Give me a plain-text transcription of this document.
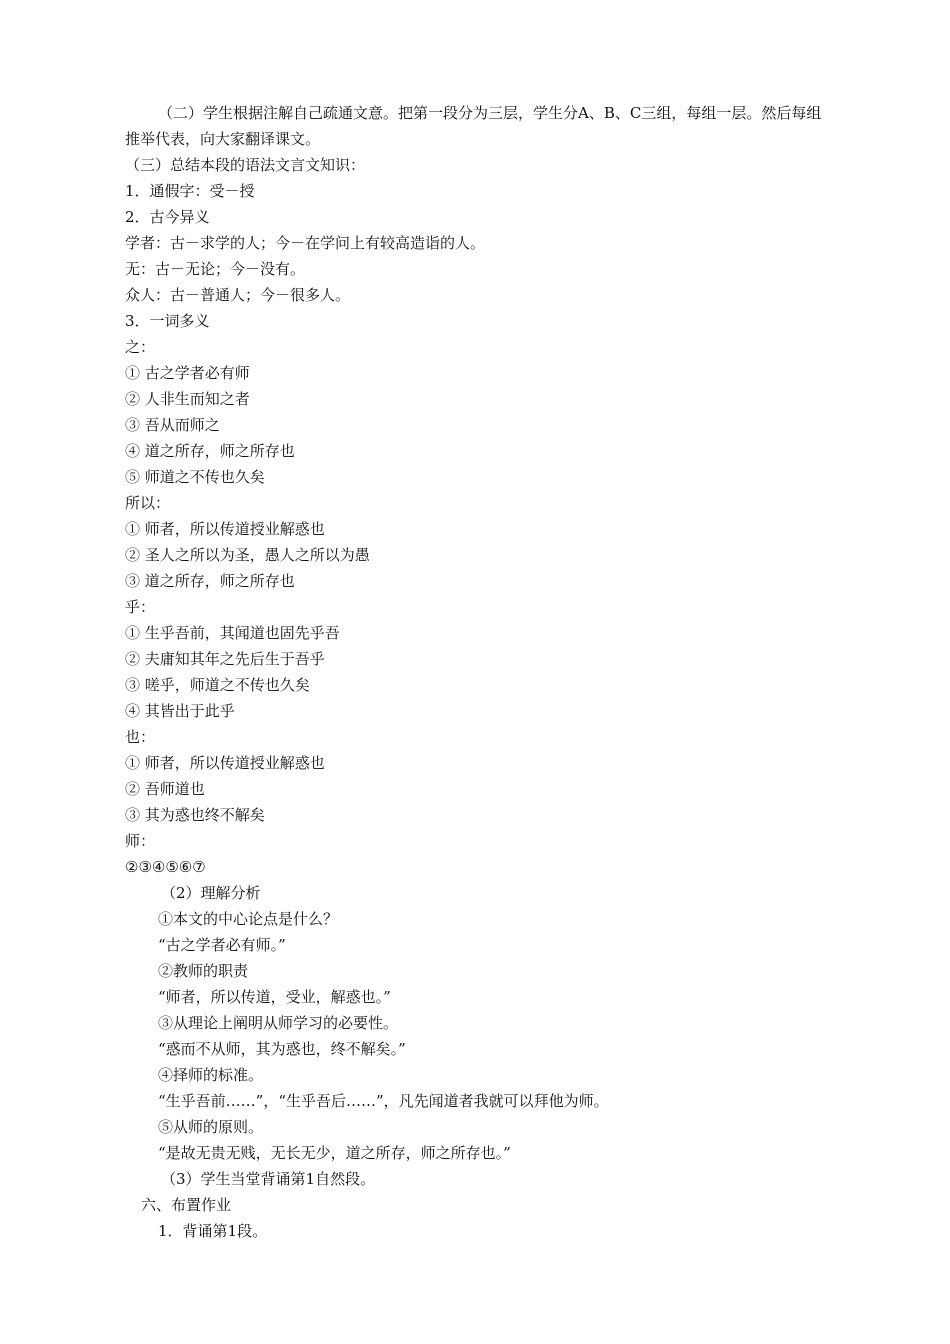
（二）学生根据注解自己疏通文意。把第一段分为三层，学生分A、B、C三组，每组一层。然后每组
推举代表，向大家翻译课文。
（三）总结本段的语法文言文知识：
1．通假字：受－授
2．古今异义
学者：古－求学的人；今－在学问上有较高造诣的人。
无：古－无论；今－没有。
众人：古－普通人；今－很多人。
3．一词多义
之：
① 古之学者必有师
② 人非生而知之者
③ 吾从而师之
④ 道之所存，师之所存也
⑤ 师道之不传也久矣
所以：
① 师者，所以传道授业解惑也
② 圣人之所以为圣，愚人之所以为愚
③ 道之所存，师之所存也
乎：
① 生乎吾前，其闻道也固先乎吾
② 夫庸知其年之先后生于吾乎
③ 嗟乎，师道之不传也久矣
④ 其皆出于此乎
也：
① 师者，所以传道授业解惑也
② 吾师道也
③ 其为惑也终不解矣
师：
②③④⑤⑥⑦
（2）理解分析
①本文的中心论点是什么？
“古之学者必有师。”
②教师的职责
“师者，所以传道，受业，解惑也。”
③从理论上阐明从师学习的必要性。
“惑而不从师，其为惑也，终不解矣。”
④择师的标准。
“生乎吾前……”，“生乎吾后……”，凡先闻道者我就可以拜他为师。
⑤从师的原则。
“是故无贵无贱，无长无少，道之所存，师之所存也。”
（3）学生当堂背诵第1自然段。
六、布置作业
1．背诵第1段。
